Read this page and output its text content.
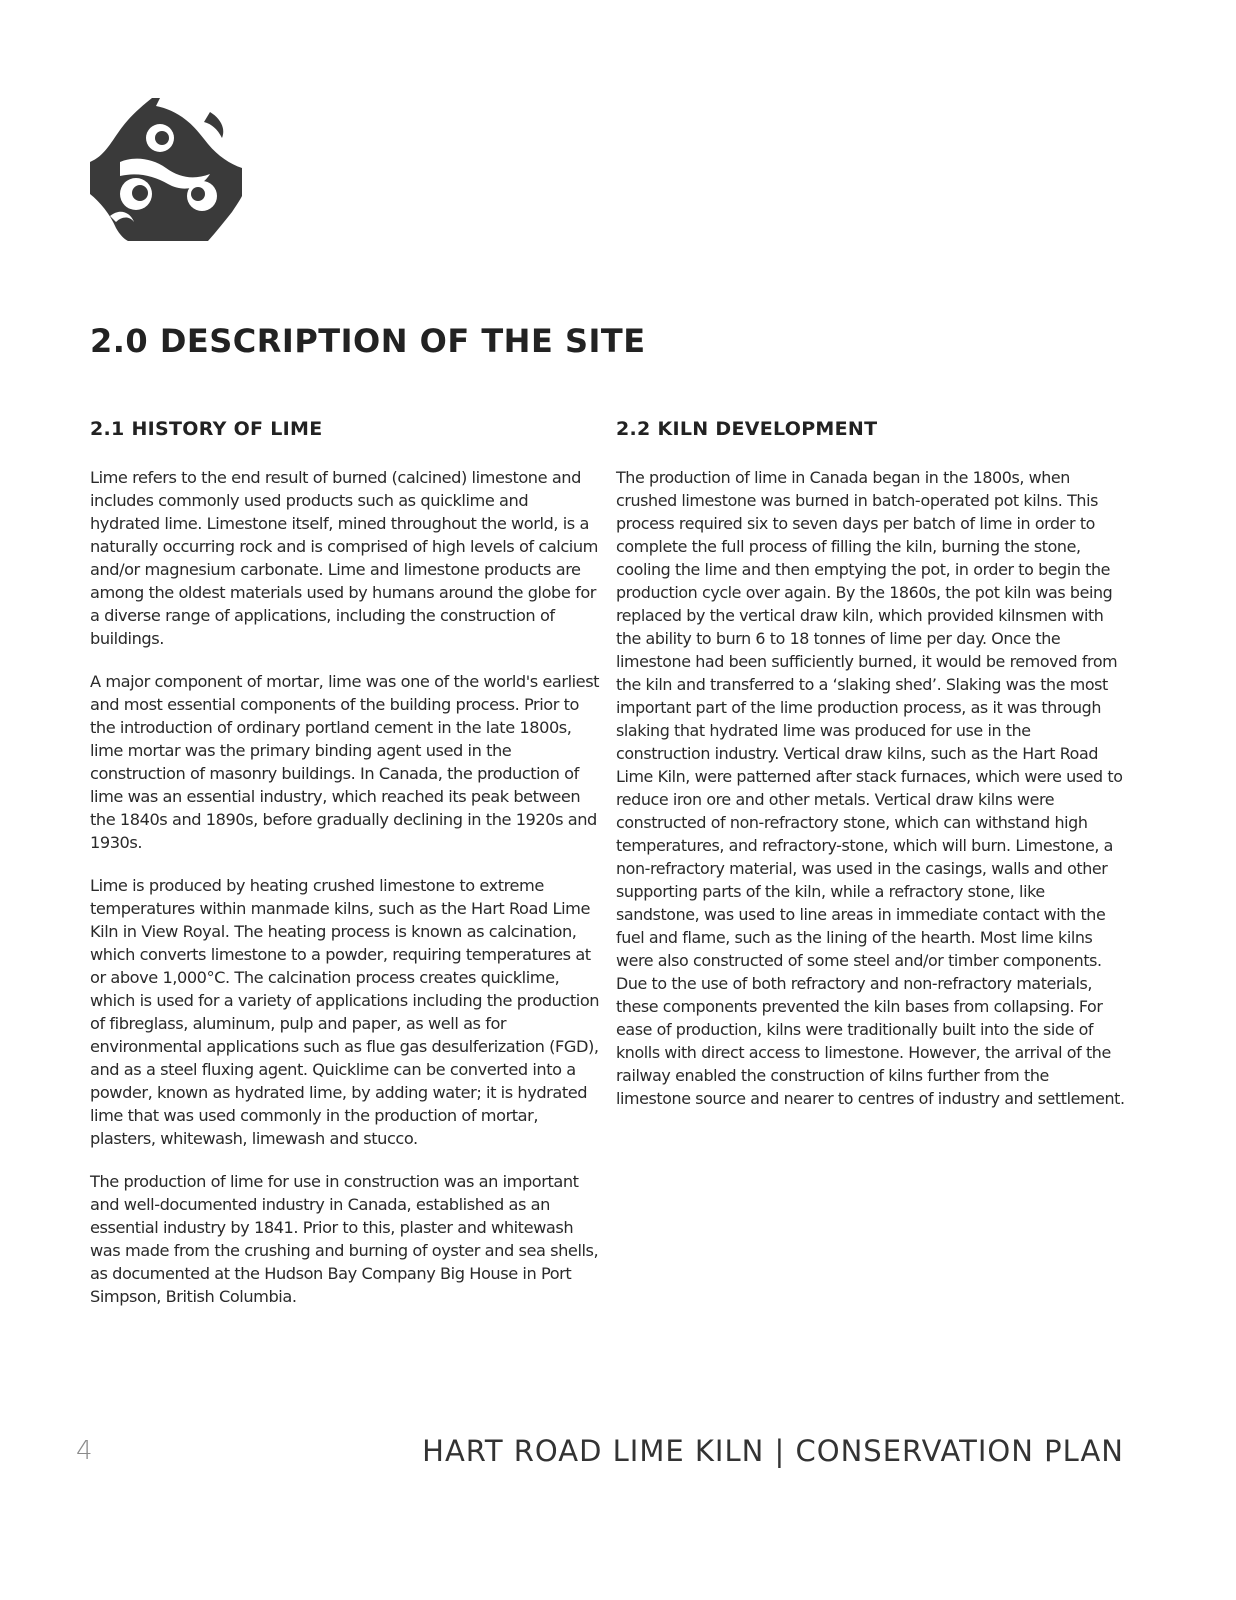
2.0 DESCRIPTION OF THE SITE
2.1 HISTORY OF LIME

Lime refers to the end result of burned (calcined) limestone and includes commonly used products such as quicklime and hydrated lime. Limestone itself, mined throughout the world, is a naturally occurring rock and is comprised of high levels of calcium and/or magnesium carbonate. Lime and limestone products are among the oldest materials used by humans around the globe for a diverse range of applications, including the construction of buildings.

A major component of mortar, lime was one of the world's earliest and most essential components of the building process. Prior to the introduction of ordinary portland cement in the late 1800s, lime mortar was the primary binding agent used in the construction of masonry buildings. In Canada, the production of lime was an essential industry, which reached its peak between the 1840s and 1890s, before gradually declining in the 1920s and 1930s.

Lime is produced by heating crushed limestone to extreme temperatures within manmade kilns, such as the Hart Road Lime Kiln in View Royal. The heating process is known as calcination, which converts limestone to a powder, requiring temperatures at or above 1,000°C. The calcination process creates quicklime, which is used for a variety of applications including the production of fibreglass, aluminum, pulp and paper, as well as for environmental applications such as flue gas desulferization (FGD), and as a steel fluxing agent. Quicklime can be converted into a powder, known as hydrated lime, by adding water; it is hydrated lime that was used commonly in the production of mortar, plasters, whitewash, limewash and stucco.

The production of lime for use in construction was an important and well-documented industry in Canada, established as an essential industry by 1841. Prior to this, plaster and whitewash was made from the crushing and burning of oyster and sea shells, as documented at the Hudson Bay Company Big House in Port Simpson, British Columbia.

2.2 KILN DEVELOPMENT

The production of lime in Canada began in the 1800s, when crushed limestone was burned in batch-operated pot kilns. This process required six to seven days per batch of lime in order to complete the full process of filling the kiln, burning the stone, cooling the lime and then emptying the pot, in order to begin the production cycle over again. By the 1860s, the pot kiln was being replaced by the vertical draw kiln, which provided kilnsmen with the ability to burn 6 to 18 tonnes of lime per day. Once the limestone had been sufficiently burned, it would be removed from the kiln and transferred to a ‘slaking shed’. Slaking was the most important part of the lime production process, as it was through slaking that hydrated lime was produced for use in the construction industry. Vertical draw kilns, such as the Hart Road Lime Kiln, were patterned after stack furnaces, which were used to reduce iron ore and other metals. Vertical draw kilns were constructed of non-refractory stone, which can withstand high temperatures, and refractory-stone, which will burn. Limestone, a non-refractory material, was used in the casings, walls and other supporting parts of the kiln, while a refractory stone, like sandstone, was used to line areas in immediate contact with the fuel and flame, such as the lining of the hearth. Most lime kilns were also constructed of some steel and/or timber components. Due to the use of both refractory and non-refractory materials, these components prevented the kiln bases from collapsing. For ease of production, kilns were traditionally built into the side of knolls with direct access to limestone. However, the arrival of the railway enabled the construction of kilns further from the limestone source and nearer to centres of industry and settlement.

4	HART ROAD LIME KILN | CONSERVATION PLAN
